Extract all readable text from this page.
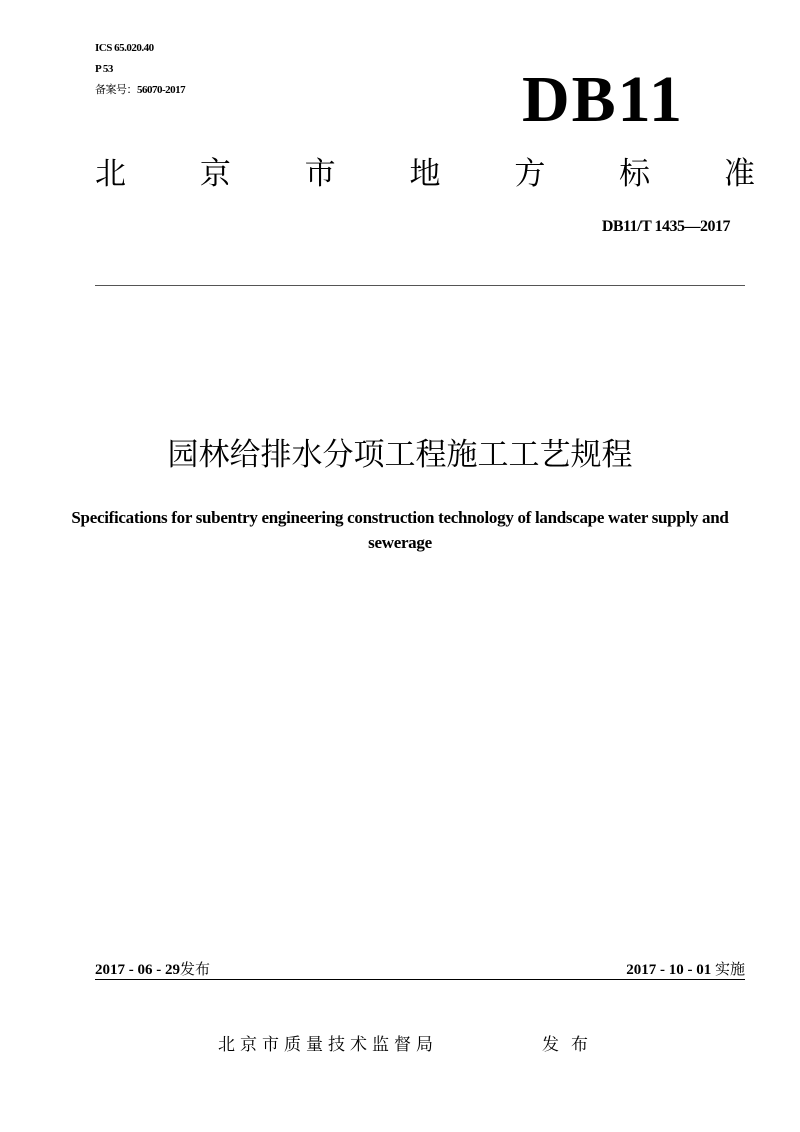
ICS 65.020.40
P 53
备案号：56070-2017	DB11
北 京 市 地 方 标 准
DB11/T 1435—2017
园林给排水分项工程施工工艺规程
Specifications for subentry engineering construction technology of landscape water supply and sewerage
2017 - 06 - 29发布	2017 - 10 - 01 实施
北京市质量技术监督局	发布
